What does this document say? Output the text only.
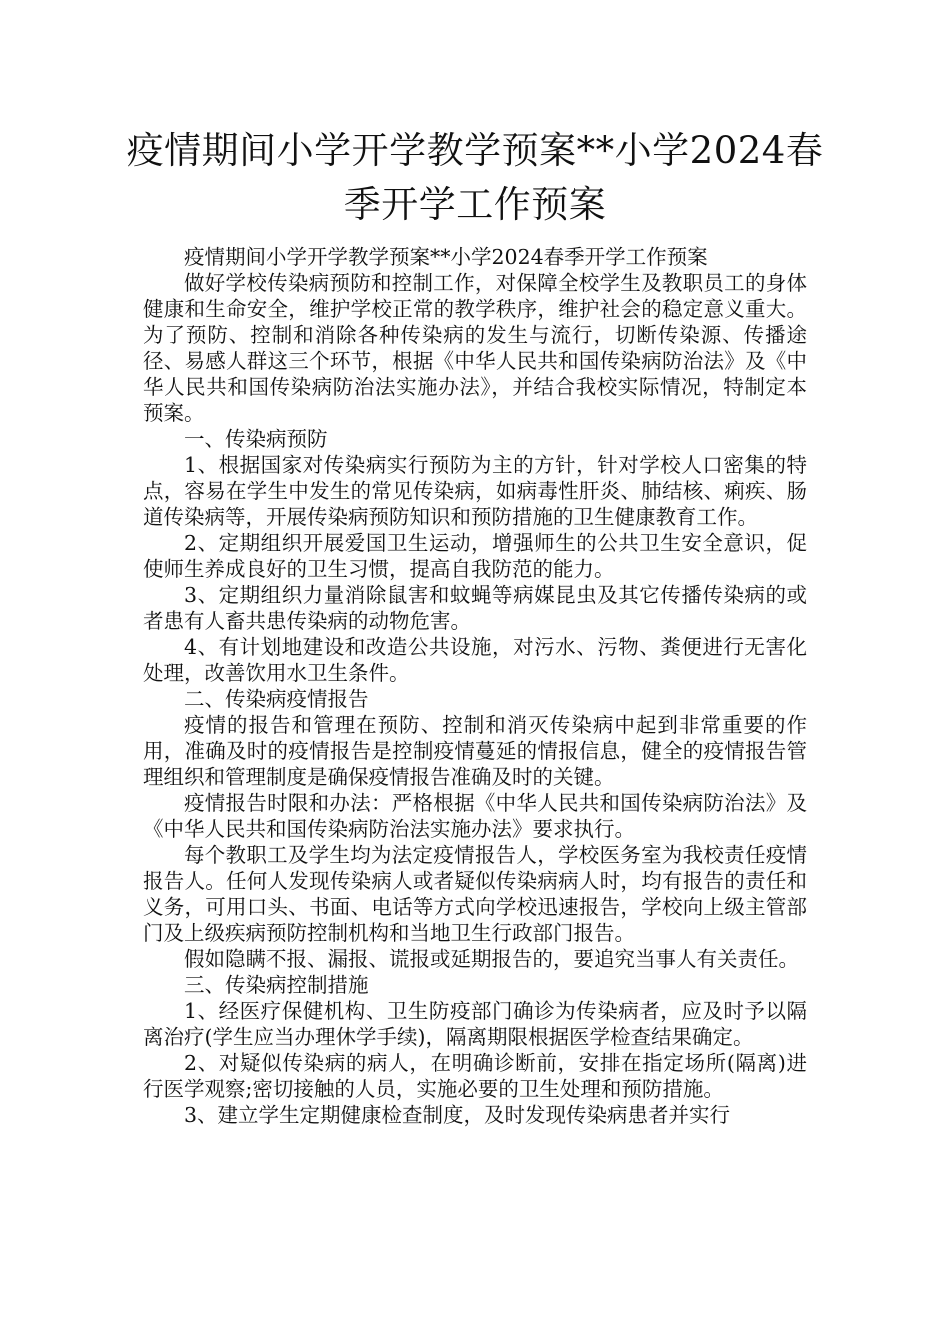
疫情期间小学开学教学预案**小学2024春
季开学工作预案

疫情期间小学开学教学预案**小学2024春季开学工作预案

做好学校传染病预防和控制工作，对保障全校学生及教职员工的身体健康和生命安全，维护学校正常的教学秩序，维护社会的稳定意义重大。为了预防、控制和消除各种传染病的发生与流行，切断传染源、传播途径、易感人群这三个环节，根据《中华人民共和国传染病防治法》及《中华人民共和国传染病防治法实施办法》，并结合我校实际情况，特制定本预案。

一、传染病预防

1、根据国家对传染病实行预防为主的方针，针对学校人口密集的特点，容易在学生中发生的常见传染病，如病毒性肝炎、肺结核、痢疾、肠道传染病等，开展传染病预防知识和预防措施的卫生健康教育工作。

2、定期组织开展爱国卫生运动，增强师生的公共卫生安全意识，促使师生养成良好的卫生习惯，提高自我防范的能力。

3、定期组织力量消除鼠害和蚊蝇等病媒昆虫及其它传播传染病的或者患有人畜共患传染病的动物危害。

4、有计划地建设和改造公共设施，对污水、污物、粪便进行无害化处理，改善饮用水卫生条件。

二、传染病疫情报告

疫情的报告和管理在预防、控制和消灭传染病中起到非常重要的作用，准确及时的疫情报告是控制疫情蔓延的情报信息，健全的疫情报告管理组织和管理制度是确保疫情报告准确及时的关键。

疫情报告时限和办法：严格根据《中华人民共和国传染病防治法》及《中华人民共和国传染病防治法实施办法》要求执行。

每个教职工及学生均为法定疫情报告人，学校医务室为我校责任疫情报告人。任何人发现传染病人或者疑似传染病病人时，均有报告的责任和义务，可用口头、书面、电话等方式向学校迅速报告，学校向上级主管部门及上级疾病预防控制机构和当地卫生行政部门报告。

假如隐瞒不报、漏报、谎报或延期报告的，要追究当事人有关责任。

三、传染病控制措施

1、经医疗保健机构、卫生防疫部门确诊为传染病者，应及时予以隔离治疗(学生应当办理休学手续)，隔离期限根据医学检查结果确定。

2、对疑似传染病的病人，在明确诊断前，安排在指定场所(隔离)进行医学观察;密切接触的人员，实施必要的卫生处理和预防措施。

3、建立学生定期健康检查制度，及时发现传染病患者并实行
